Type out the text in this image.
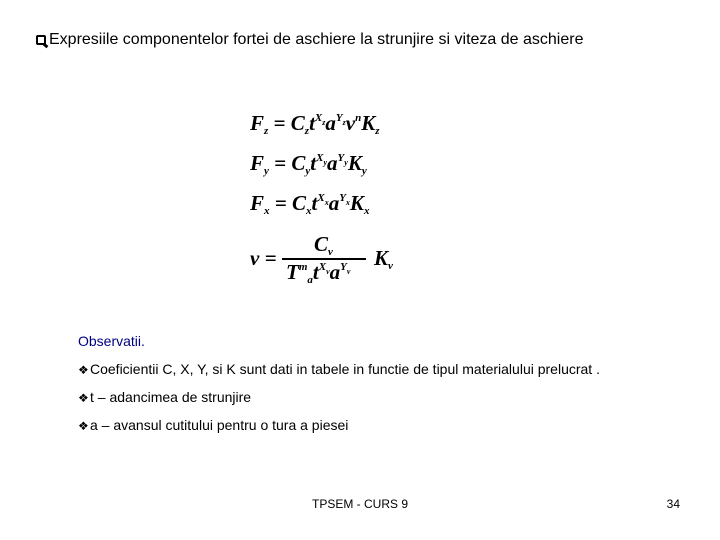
Expresiile componentelor fortei de aschiere la strunjire si viteza de aschiere
$F_z = C_zt^{X_z}a^{Y_z}v^nK_z$
$F_y = C_yt^{X_y}a^{Y_y}K_y$
$F_x = C_xt^{X_x}a^{Y_x}K_x$
v =
$C_v$
$T^m_at^{X_v}a^{Y_v}$
$K_v$
Observatii.

❖Coeficientii C, X, Y, si K sunt dati in tabele in functie de tipul materialului prelucrat .

❖t – adancimea de strunjire

❖a – avansul cutitului pentru o tura a piesei

TPSEM - CURS 9	34
